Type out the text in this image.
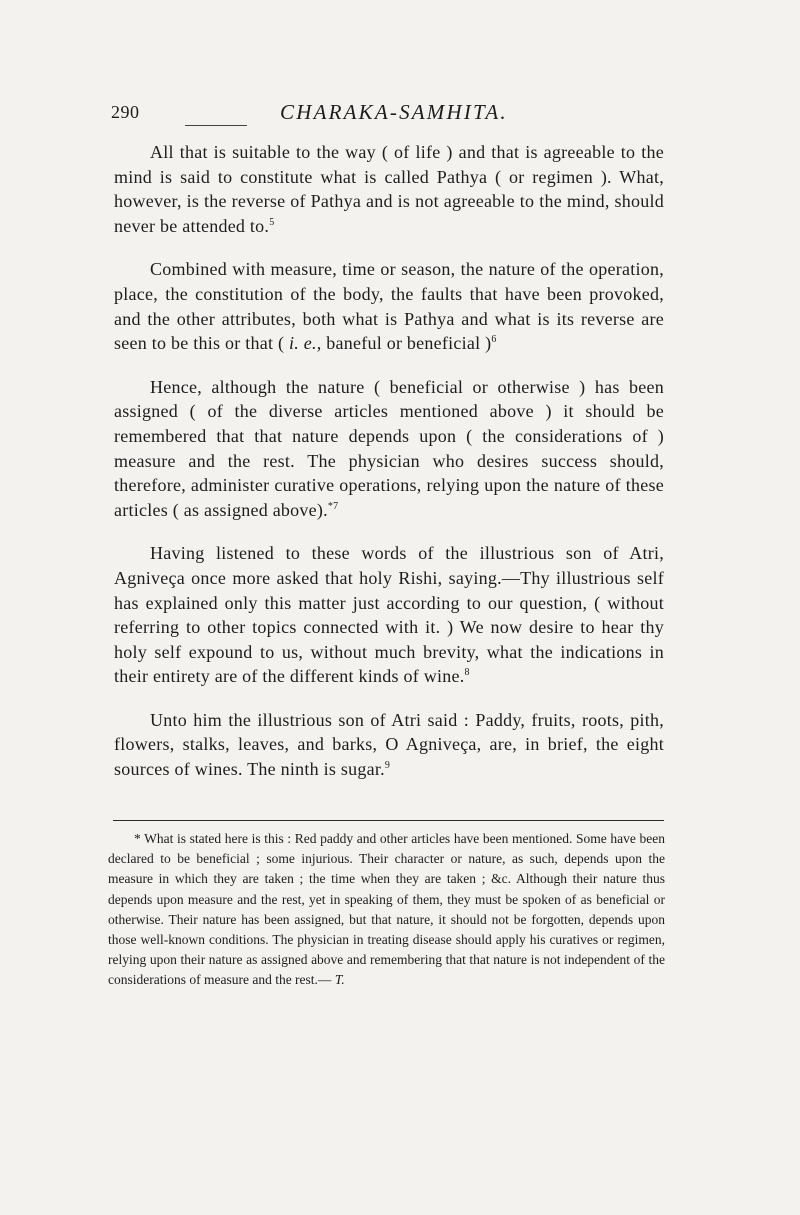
290	CHARAKA-SAMHITA.

All that is suitable to the way ( of life ) and that is agreeable to the mind is said to constitute what is called Pathya ( or regimen ). What, however, is the reverse of Pathya and is not agreeable to the mind, should never be attended to.$^5$

Combined with measure, time or season, the nature of the operation, place, the constitution of the body, the faults that have been provoked, and the other attributes, both what is Pathya and what is its reverse are seen to be this or that ( i. e., baneful or beneficial )$^6$

Hence, although the nature ( beneficial or otherwise ) has been assigned ( of the diverse articles mentioned above ) it should be remembered that that nature depends upon ( the considerations of ) measure and the rest. The physician who desires success should, therefore, administer curative operations, relying upon the nature of these articles ( as assigned above).$^{*7}$

Having listened to these words of the illustrious son of Atri, Agniveça once more asked that holy Rishi, saying.—Thy illustrious self has explained only this matter just according to our question, ( without referring to other topics connected with it. ) We now desire to hear thy holy self expound to us, without much brevity, what the indications in their entirety are of the different kinds of wine.$^8$

Unto him the illustrious son of Atri said : Paddy, fruits, roots, pith, flowers, stalks, leaves, and barks, O Agniveça, are, in brief, the eight sources of wines. The ninth is sugar.$^9$

* What is stated here is this : Red paddy and other articles have been mentioned. Some have been declared to be beneficial ; some injurious. Their character or nature, as such, depends upon the measure in which they are taken ; the time when they are taken ; &c. Although their nature thus depends upon measure and the rest, yet in speaking of them, they must be spoken of as beneficial or otherwise. Their nature has been assigned, but that nature, it should not be forgotten, depends upon those well-known conditions. The physician in treating disease should apply his curatives or regimen, relying upon their nature as assigned above and remembering that that nature is not independent of the considerations of measure and the rest.— T.
